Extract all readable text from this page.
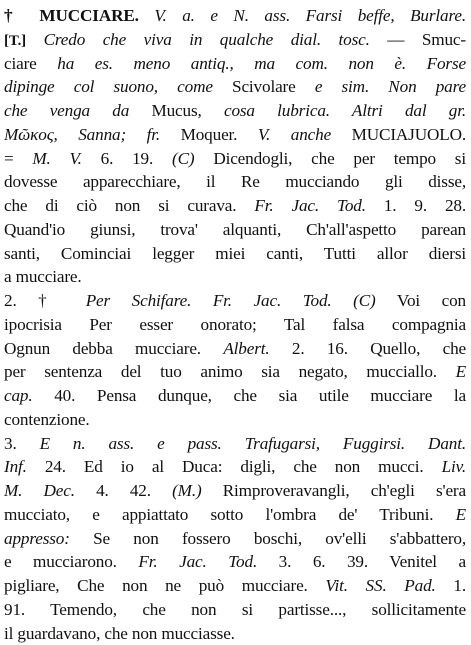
† MUCCIARE. V. a. e N. ass. Farsi beffe, Burlare.
[T.] Credo che viva in qualche dial. tosc. — Smuc-
ciare ha es. meno antiq., ma com. non è. Forse
dipinge col suono, come Scivolare e sim. Non pare
che venga da Mucus, cosa lubrica. Altri dal gr.
Μῶκος, Sanna; fr. Moquer. V. anche MUCIAJUOLO.
= M. V. 6. 19. (C) Dicendogli, che per tempo si
dovesse apparecchiare, il Re mucciando gli disse,
che di ciò non si curava. Fr. Jac. Tod. 1. 9. 28.
Quand'io giunsi, trova' alquanti, Ch'all'aspetto parean
santi, Cominciai legger miei canti, Tutti allor diersi
a mucciare.
2. † Per Schifare. Fr. Jac. Tod. (C) Voi con
ipocrisia Per esser onorato; Tal falsa compagnia
Ognun debba mucciare. Albert. 2. 16. Quello, che
per sentenza del tuo animo sia negato, mucciallo. E
cap. 40. Pensa dunque, che sia utile mucciare la
contenzione.
3. E n. ass. e pass. Trafugarsi, Fuggirsi. Dant.
Inf. 24. Ed io al Duca: digli, che non mucci. Liv.
M. Dec. 4. 42. (M.) Rimproveravangli, ch'egli s'era
mucciato, e appiattato sotto l'ombra de' Tribuni. E
appresso: Se non fossero boschi, ov'elli s'abbattero,
e mucciarono. Fr. Jac. Tod. 3. 6. 39. Venitel a
pigliare, Che non ne può mucciare. Vit. SS. Pad. 1.
91. Temendo, che non si partisse..., sollicitamente
il guardavano, che non mucciasse.
